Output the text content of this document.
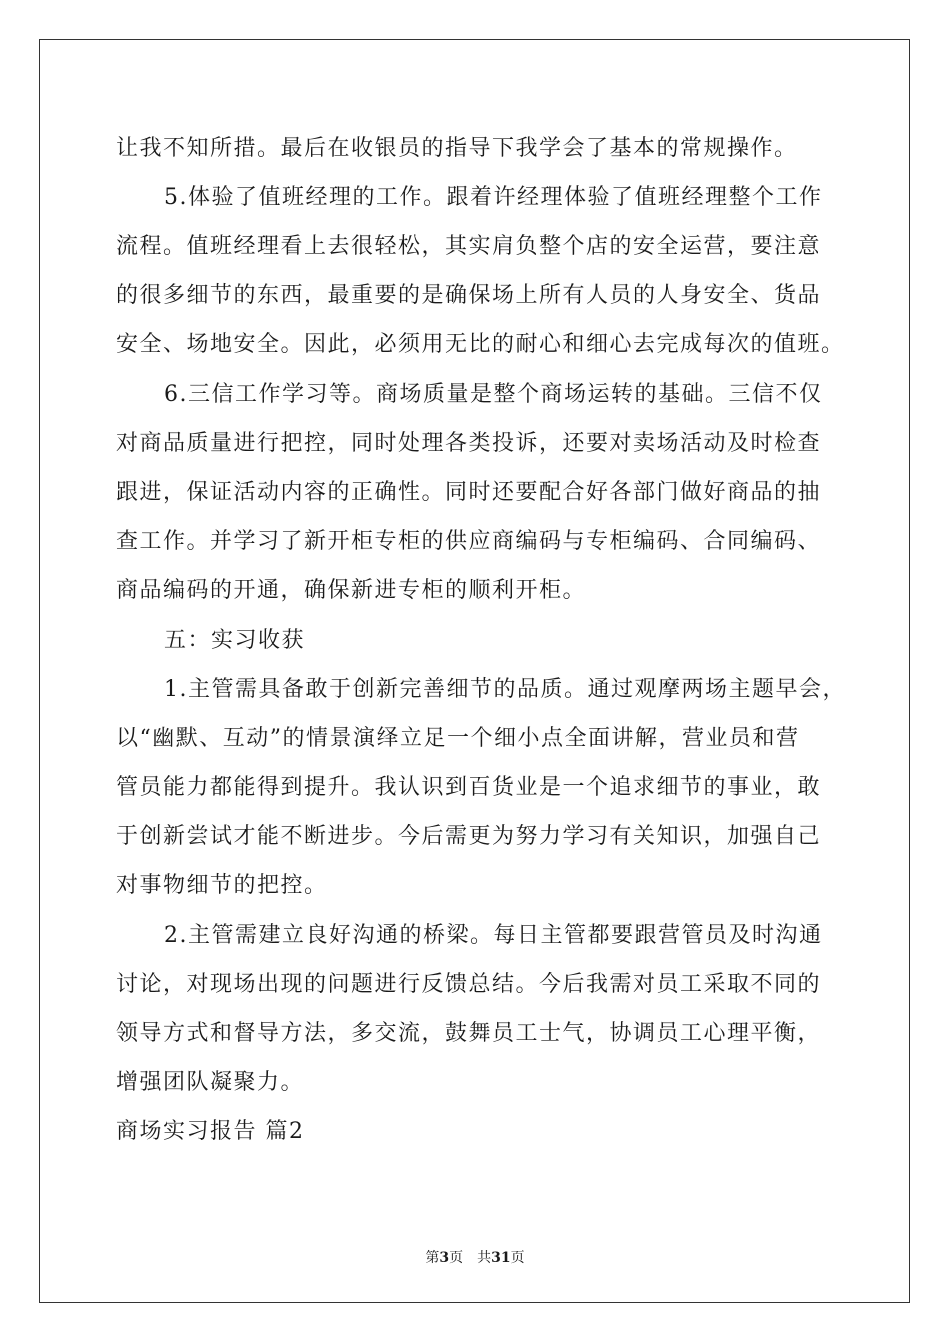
让我不知所措。最后在收银员的指导下我学会了基本的常规操作。
5.体验了值班经理的工作。跟着许经理体验了值班经理整个工作
流程。值班经理看上去很轻松，其实肩负整个店的安全运营，要注意
的很多细节的东西，最重要的是确保场上所有人员的人身安全、货品
安全、场地安全。因此，必须用无比的耐心和细心去完成每次的值班。
6.三信工作学习等。商场质量是整个商场运转的基础。三信不仅
对商品质量进行把控，同时处理各类投诉，还要对卖场活动及时检查
跟进，保证活动内容的正确性。同时还要配合好各部门做好商品的抽
查工作。并学习了新开柜专柜的供应商编码与专柜编码、合同编码、
商品编码的开通，确保新进专柜的顺利开柜。
五：实习收获
1.主管需具备敢于创新完善细节的品质。通过观摩两场主题早会，
以“幽默、互动”的情景演绎立足一个细小点全面讲解，营业员和营
管员能力都能得到提升。我认识到百货业是一个追求细节的事业，敢
于创新尝试才能不断进步。今后需更为努力学习有关知识，加强自己
对事物细节的把控。
2.主管需建立良好沟通的桥梁。每日主管都要跟营管员及时沟通
讨论，对现场出现的问题进行反馈总结。今后我需对员工采取不同的
领导方式和督导方法，多交流，鼓舞员工士气，协调员工心理平衡，
增强团队凝聚力。
商场实习报告 篇2
第3页 共31页
